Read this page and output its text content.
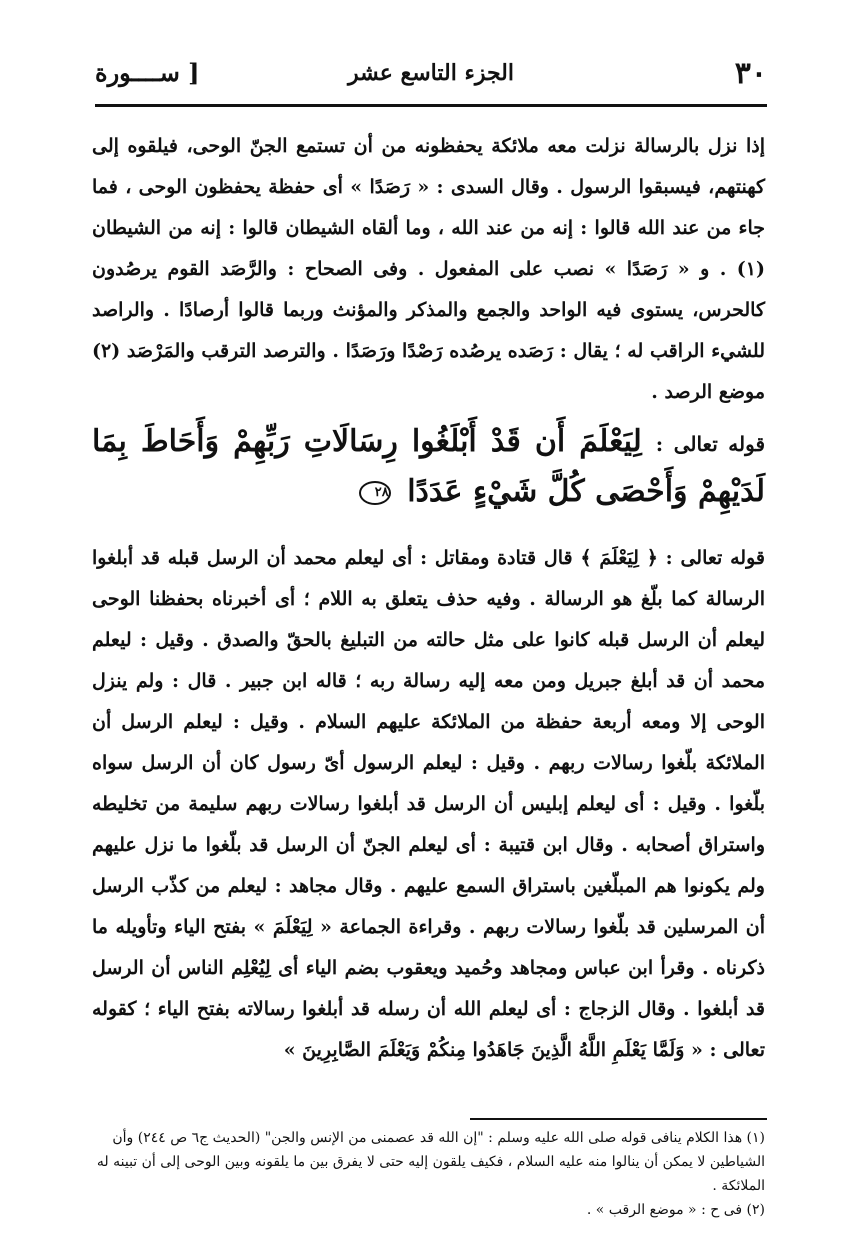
٣٠
الجزء التاسع عشر
[ ســــورة
إذا نزل بالرسالة نزلت معه ملائكة يحفظونه من أن تستمع الجنّ الوحى، فيلقوه إلى كهنتهم، فيسبقوا الرسول . وقال السدى : « رَصَدًا » أى حفظة يحفظون الوحى ، فما جاء من عند الله قالوا : إنه من عند الله ، وما ألقاه الشيطان قالوا : إنه من الشيطان (١) . و « رَصَدًا » نصب على المفعول . وفى الصحاح : والرَّصَد القوم يرصُدون كالحرس، يستوى فيه الواحد والجمع والمذكر والمؤنث وربما قالوا أرصادًا . والراصد للشيء الراقب له ؛ يقال : رَصَده يرصُده رَصْدًا ورَصَدًا . والترصد الترقب والمَرْصَد (٢) موضع الرصد .
قوله تعالى : لِيَعْلَمَ أَن قَدْ أَبْلَغُوا رِسَالَاتِ رَبِّهِمْ وَأَحَاطَ بِمَا لَدَيْهِمْ وَأَحْصَى كُلَّ شَيْءٍ عَدَدًا ٢٨
قوله تعالى : ﴿ لِيَعْلَمَ ﴾ قال قتادة ومقاتل : أى ليعلم محمد أن الرسل قبله قد أبلغوا الرسالة كما بلّغ هو الرسالة . وفيه حذف يتعلق به اللام ؛ أى أخبرناه بحفظنا الوحى ليعلم أن الرسل قبله كانوا على مثل حالته من التبليغ بالحقّ والصدق . وقيل : ليعلم محمد أن قد أبلغ جبريل ومن معه إليه رسالة ربه ؛ قاله ابن جبير . قال : ولم ينزل الوحى إلا ومعه أربعة حفظة من الملائكة عليهم السلام . وقيل : ليعلم الرسل أن الملائكة بلّغوا رسالات ربهم . وقيل : ليعلم الرسول أىّ رسول كان أن الرسل سواه بلّغوا . وقيل : أى ليعلم إبليس أن الرسل قد أبلغوا رسالات ربهم سليمة من تخليطه واستراق أصحابه . وقال ابن قتيبة : أى ليعلم الجنّ أن الرسل قد بلّغوا ما نزل عليهم ولم يكونوا هم المبلّغين باستراق السمع عليهم . وقال مجاهد : ليعلم من كذّب الرسل أن المرسلين قد بلّغوا رسالات ربهم . وقراءة الجماعة « لِيَعْلَمَ » بفتح الياء وتأويله ما ذكرناه . وقرأ ابن عباس ومجاهد وحُميد ويعقوب بضم الياء أى لِيُعْلِم الناس أن الرسل قد أبلغوا . وقال الزجاج : أى ليعلم الله أن رسله قد أبلغوا رسالاته بفتح الياء ؛ كقوله تعالى : « وَلَمَّا يَعْلَمِ اللَّهُ الَّذِينَ جَاهَدُوا مِنكُمْ وَيَعْلَمَ الصَّابِرِينَ »

(١) هذا الكلام ينافى قوله صلى الله عليه وسلم : "إن الله قد عصمنى من الإنس والجن" (الحديث ج٦ ص ٢٤٤) وأن الشياطين لا يمكن أن ينالوا منه عليه السلام ، فكيف يلقون إليه حتى لا يفرق بين ما يلقونه وبين الوحى إلى أن تبينه له الملائكة .

(٢) فى ح : « موضع الرقب » .
